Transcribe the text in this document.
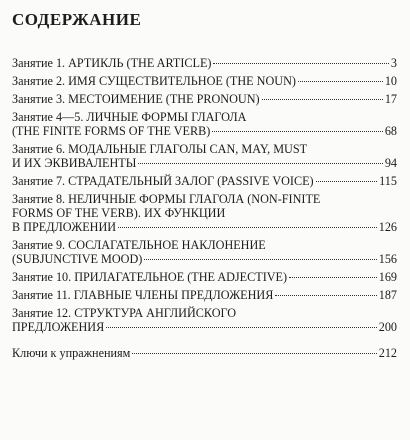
СОДЕРЖАНИЕ
Занятие 1. АРТИКЛЬ (THE ARTICLE)	3
Занятие 2. ИМЯ СУЩЕСТВИТЕЛЬНОЕ (THE NOUN)	10
Занятие 3. МЕСТОИМЕНИЕ (THE PRONOUN)	17
Занятие 4—5. ЛИЧНЫЕ ФОРМЫ ГЛАГОЛА
(THE FINITE FORMS OF THE VERB)	68
Занятие 6. МОДАЛЬНЫЕ ГЛАГОЛЫ CAN, MAY, MUST
И ИХ ЭКВИВАЛЕНТЫ	94
Занятие 7. СТРАДАТЕЛЬНЫЙ ЗАЛОГ (PASSIVE VOICE)	115
Занятие 8. НЕЛИЧНЫЕ ФОРМЫ ГЛАГОЛА (NON-FINITE
FORMS OF THE VERB). ИХ ФУНКЦИИ
В ПРЕДЛОЖЕНИИ	126
Занятие 9. СОСЛАГАТЕЛЬНОЕ НАКЛОНЕНИЕ
(SUBJUNCTIVE MOOD)	156
Занятие 10. ПРИЛАГАТЕЛЬНОЕ (THE ADJECTIVE)	169
Занятие 11. ГЛАВНЫЕ ЧЛЕНЫ ПРЕДЛОЖЕНИЯ	187
Занятие 12. СТРУКТУРА АНГЛИЙСКОГО
ПРЕДЛОЖЕНИЯ	200
Ключи к упражнениям	212
